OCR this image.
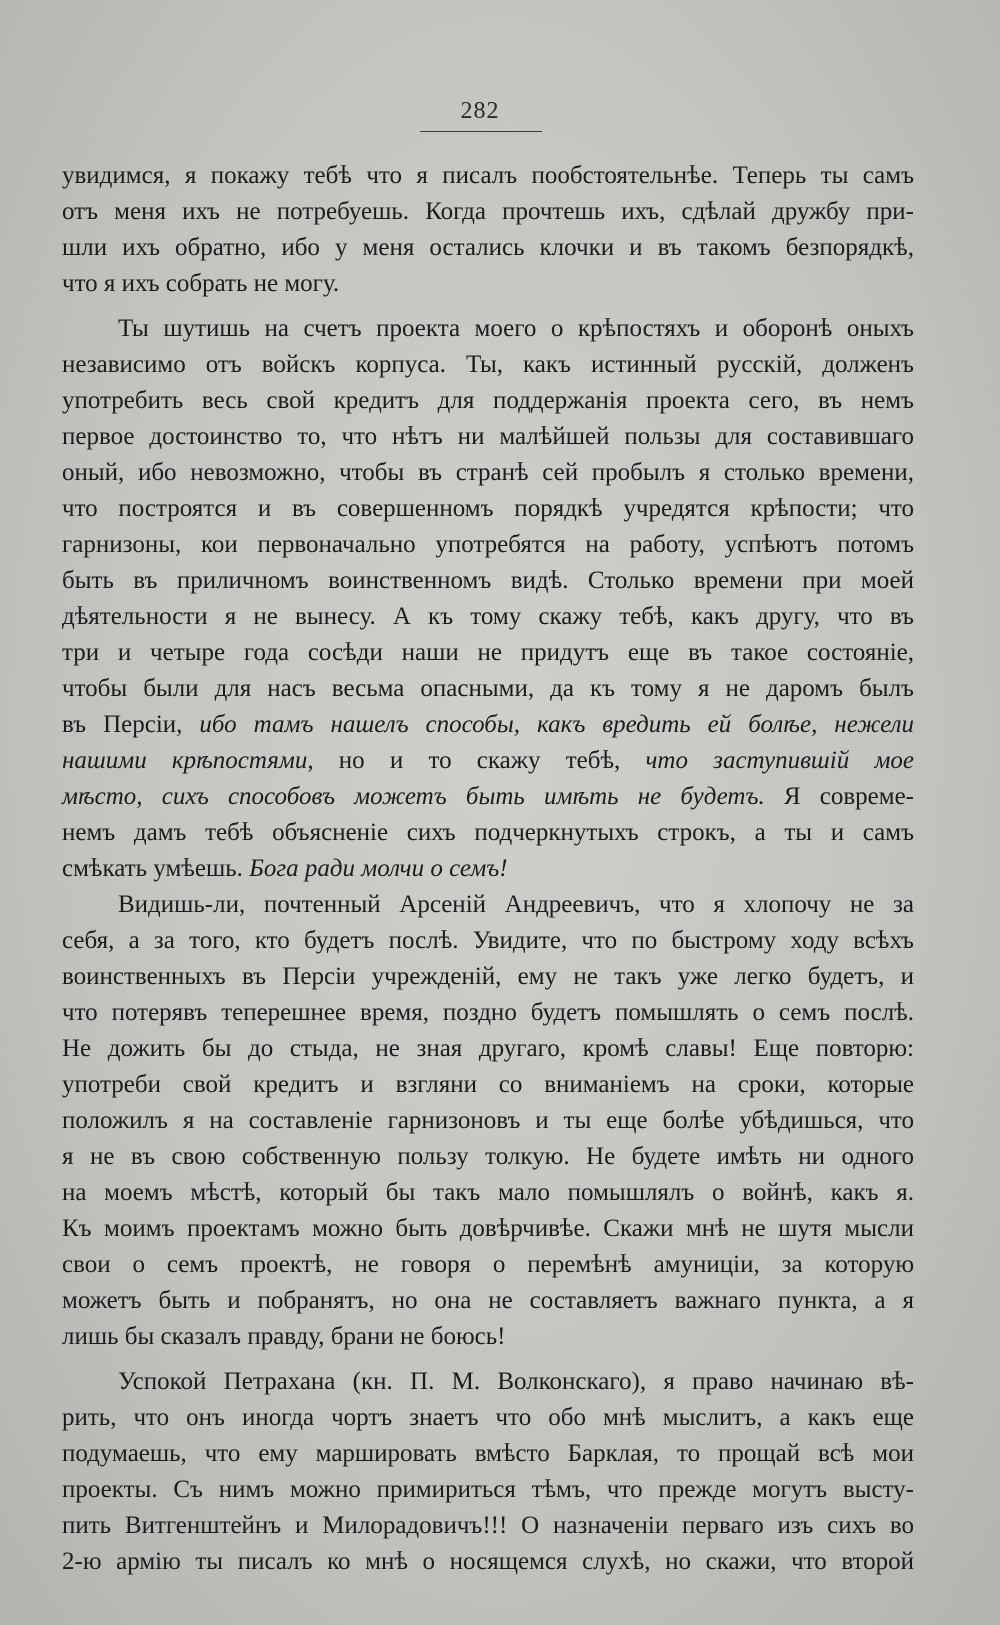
282
увидимся, я покажу тебѣ что я писалъ пообстоятельнѣе. Теперь ты самъ
отъ меня ихъ не потребуешь. Когда прочтешь ихъ, сдѣлай дружбу при-
шли ихъ обратно, ибо у меня остались клочки и въ такомъ безпорядкѣ,
что я ихъ собрать не могу.
Ты шутишь на счетъ проекта моего о крѣпостяхъ и оборонѣ оныхъ
независимо отъ войскъ корпуса. Ты, какъ истинный русскій, долженъ
употребить весь свой кредитъ для поддержанія проекта сего, въ немъ
первое достоинство то, что нѣтъ ни малѣйшей пользы для составившаго
оный, ибо невозможно, чтобы въ странѣ сей пробылъ я столько времени,
что построятся и въ совершенномъ порядкѣ учредятся крѣпости; что
гарнизоны, кои первоначально употребятся на работу, успѣютъ потомъ
быть въ приличномъ воинственномъ видѣ. Столько времени при моей
дѣятельности я не вынесу. А къ тому скажу тебѣ, какъ другу, что въ
три и четыре года сосѣди наши не придутъ еще въ такое состояніе,
чтобы были для насъ весьма опасными, да къ тому я не даромъ былъ
въ Персіи, ибо тамъ нашелъ способы, какъ вредить ей болѣе, нежели
нашими крѣпостями, но и то скажу тебѣ, что заступившій мое
мѣсто, сихъ способовъ можетъ быть имѣть не будетъ. Я совреме-
немъ дамъ тебѣ объясненіе сихъ подчеркнутыхъ строкъ, а ты и самъ
смѣкать умѣешь. Бога ради молчи о семъ!
Видишь-ли, почтенный Арсеній Андреевичъ, что я хлопочу не за
себя, а за того, кто будетъ послѣ. Увидите, что по быстрому ходу всѣхъ
воинственныхъ въ Персіи учрежденій, ему не такъ уже легко будетъ, и
что потерявъ теперешнее время, поздно будетъ помышлять о семъ послѣ.
Не дожить бы до стыда, не зная другаго, кромѣ славы! Еще повторю:
употреби свой кредитъ и взгляни со вниманіемъ на сроки, которые
положилъ я на составленіе гарнизоновъ и ты еще болѣе убѣдишься, что
я не въ свою собственную пользу толкую. Не будете имѣть ни одного
на моемъ мѣстѣ, который бы такъ мало помышлялъ о войнѣ, какъ я.
Къ моимъ проектамъ можно быть довѣрчивѣе. Скажи мнѣ не шутя мысли
свои о семъ проектѣ, не говоря о перемѣнѣ амуниціи, за которую
можетъ быть и побранятъ, но она не составляетъ важнаго пункта, а я
лишь бы сказалъ правду, брани не боюсь!
Успокой Петрахана (кн. П. М. Волконскаго), я право начинаю вѣ-
рить, что онъ иногда чортъ знаетъ что обо мнѣ мыслитъ, а какъ еще
подумаешь, что ему маршировать вмѣсто Барклая, то прощай всѣ мои
проекты. Съ нимъ можно примириться тѣмъ, что прежде могутъ высту-
пить Витгенштейнъ и Милорадовичъ!!! О назначеніи перваго изъ сихъ во
2-ю армію ты писалъ ко мнѣ о носящемся слухѣ, но скажи, что второй
